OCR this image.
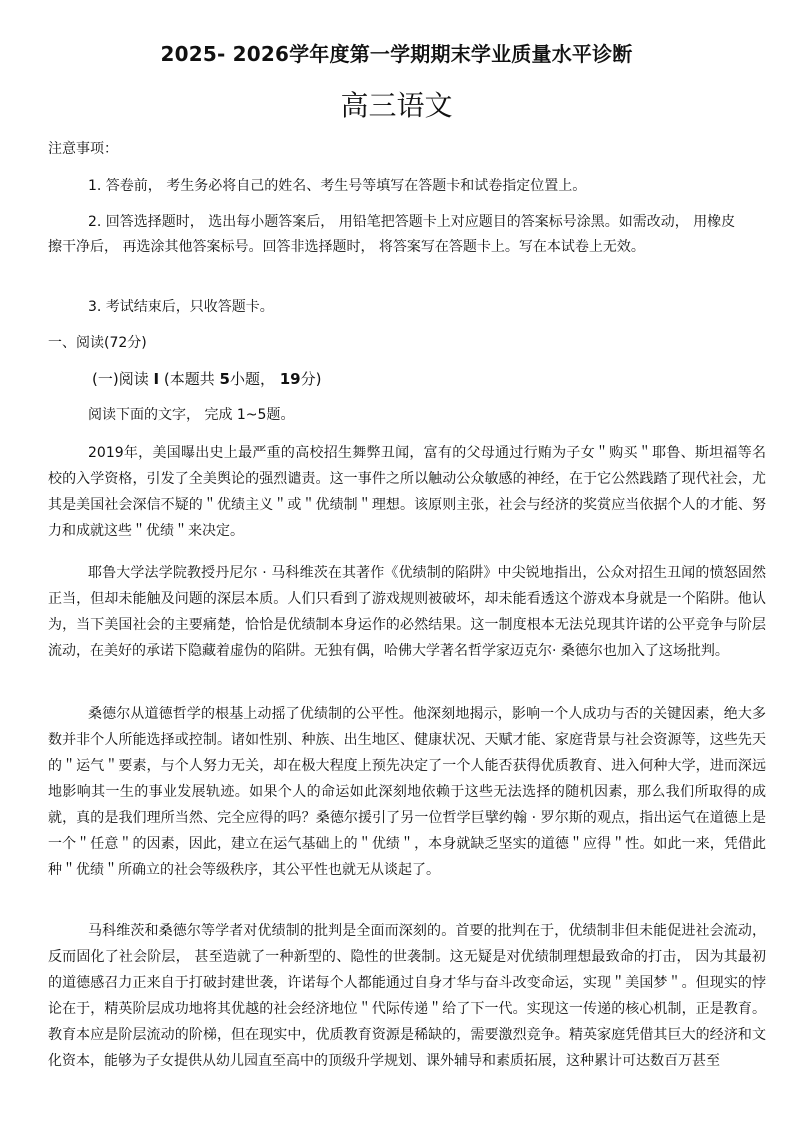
2025- 2026学年度第一学期期末学业质量水平诊断
高三语文
注意事项：
1. 答卷前， 考生务必将自己的姓名、考生号等填写在答题卡和试卷指定位置上。
2. 回答选择题时， 选出每小题答案后， 用铅笔把答题卡上对应题目的答案标号涂黑。如需改动， 用橡皮擦干净后， 再选涂其他答案标号。回答非选择题时， 将答案写在答题卡上。写在本试卷上无效。
3. 考试结束后，只收答题卡。
一、阅读(72分)
(一)阅读 I (本题共 5小题， 19分)
阅读下面的文字， 完成 1~5题。
2019年，美国曝出史上最严重的高校招生舞弊丑闻，富有的父母通过行贿为子女＂购买＂耶鲁、斯坦福等名校的入学资格，引发了全美舆论的强烈谴责。这一事件之所以触动公众敏感的神经，在于它公然践踏了现代社会，尤其是美国社会深信不疑的＂优绩主义＂或＂优绩制＂理想。该原则主张，社会与经济的奖赏应当依据个人的才能、努力和成就这些＂优绩＂来决定。
耶鲁大学法学院教授丹尼尔 · 马科维茨在其著作《优绩制的陷阱》中尖锐地指出，公众对招生丑闻的愤怒固然正当，但却未能触及问题的深层本质。人们只看到了游戏规则被破坏，却未能看透这个游戏本身就是一个陷阱。他认为，当下美国社会的主要痛楚，恰恰是优绩制本身运作的必然结果。这一制度根本无法兑现其许诺的公平竞争与阶层流动，在美好的承诺下隐藏着虚伪的陷阱。无独有偶，哈佛大学著名哲学家迈克尔· 桑德尔也加入了这场批判。
桑德尔从道德哲学的根基上动摇了优绩制的公平性。他深刻地揭示，影响一个人成功与否的关键因素，绝大多数并非个人所能选择或控制。诸如性别、种族、出生地区、健康状况、天赋才能、家庭背景与社会资源等，这些先天的＂运气＂要素，与个人努力无关，却在极大程度上预先决定了一个人能否获得优质教育、进入何种大学，进而深远地影响其一生的事业发展轨迹。如果个人的命运如此深刻地依赖于这些无法选择的随机因素，那么我们所取得的成就，真的是我们理所当然、完全应得的吗？桑德尔援引了另一位哲学巨擘约翰 · 罗尔斯的观点，指出运气在道德上是一个＂任意＂的因素，因此，建立在运气基础上的＂优绩＂，本身就缺乏坚实的道德＂应得＂性。如此一来，凭借此种＂优绩＂所确立的社会等级秩序，其公平性也就无从谈起了。
马科维茨和桑德尔等学者对优绩制的批判是全面而深刻的。首要的批判在于，优绩制非但未能促进社会流动，反而固化了社会阶层， 甚至造就了一种新型的、隐性的世袭制。这无疑是对优绩制理想最致命的打击， 因为其最初的道德感召力正来自于打破封建世袭，许诺每个人都能通过自身才华与奋斗改变命运，实现＂美国梦＂。但现实的悖论在于，精英阶层成功地将其优越的社会经济地位＂代际传递＂给了下一代。实现这一传递的核心机制，正是教育。教育本应是阶层流动的阶梯，但在现实中，优质教育资源是稀缺的，需要激烈竞争。精英家庭凭借其巨大的经济和文化资本，能够为子女提供从幼儿园直至高中的顶级升学规划、课外辅导和素质拓展，这种累计可达数百万甚至
